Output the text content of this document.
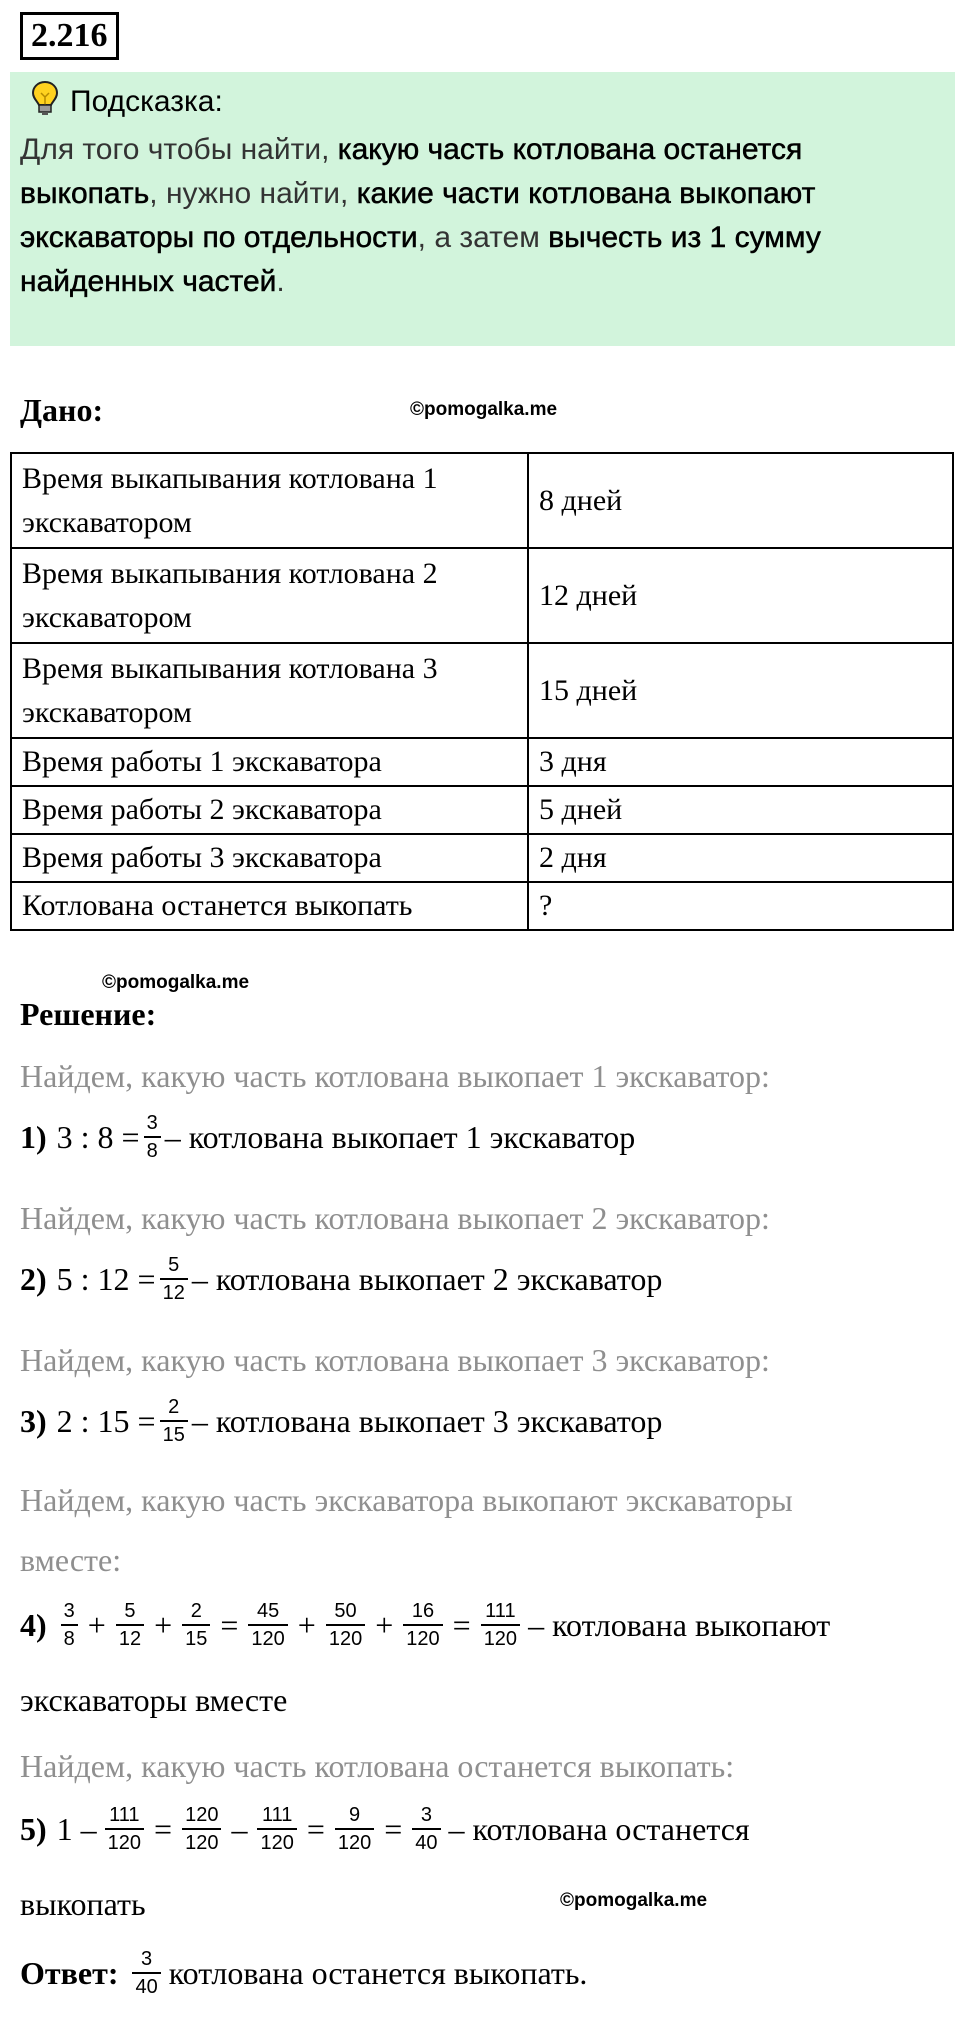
2.216
Подсказка:
Для того чтобы найти, какую часть котлована останется выкопать, нужно найти, какие части котлована выкопают экскаваторы по отдельности, а затем вычесть из 1 сумму найденных частей.
Дано:	©pomogalka.me
Время выкапывания котлована 1 экскаватором	8 дней
Время выкапывания котлована 2 экскаватором	12 дней
Время выкапывания котлована 3 экскаватором	15 дней
Время работы 1 экскаватора	3 дня
Время работы 2 экскаватора	5 дней
Время работы 3 экскаватора	2 дня
Котлована останется выкопать	?
©pomogalka.me
Решение:
Найдем, какую часть котлована выкопает 1 экскаватор:
1) 3 : $8 = \frac{3}{8}$ – котлована выкопает 1 экскаватор
Найдем, какую часть котлована выкопает 2 экскаватор:
2) 5 : $12 = \frac{5}{12}$ – котлована выкопает 2 экскаватор
Найдем, какую часть котлована выкопает 3 экскаватор:
3) 2 : $15 = \frac{2}{15}$ – котлована выкопает 3 экскаватор
Найдем, какую часть экскаватора выкопают экскаваторы
вместе:
$4) \frac{3}{8} + \frac{5}{12} + \frac{2}{15} = \frac{45}{120} + \frac{50}{120} + \frac{16}{120} = \frac{111}{120}$ – котлована выкопают
экскаваторы вместе
Найдем, какую часть котлована останется выкопать:
5) $1 - \frac{111}{120} = \frac{120}{120} - \frac{111}{120} = \frac{9}{120} = \frac{3}{40}$ – котлована останется
выкопать	©pomogalka.me
Ответ: $\frac{3}{40}$ котлована останется выкопать.
